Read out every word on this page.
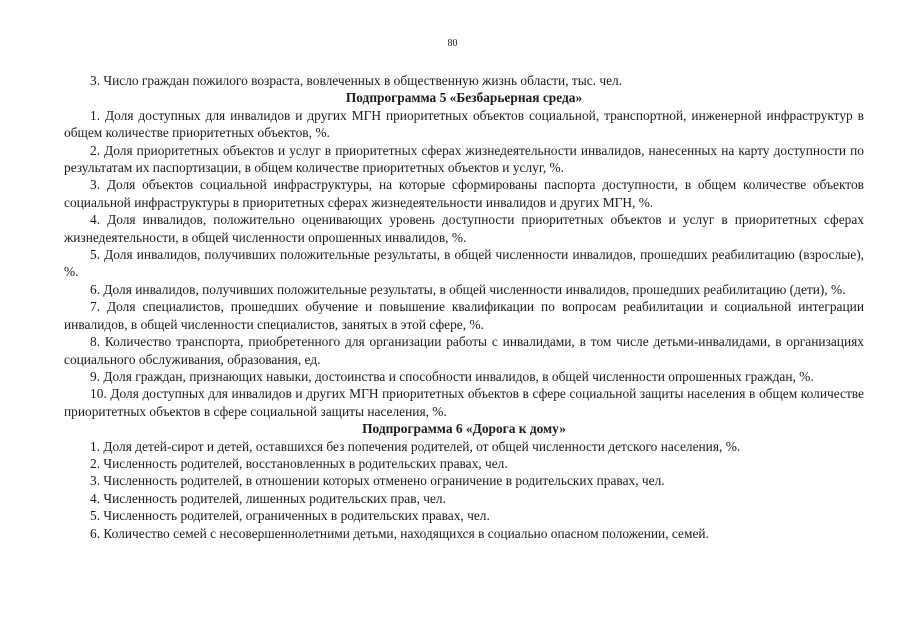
80

3. Число граждан пожилого возраста, вовлеченных в общественную жизнь области, тыс. чел.

Подпрограмма 5 «Безбарьерная среда»

1. Доля доступных для инвалидов и других МГН приоритетных объектов социальной, транспортной, инженерной инфраструктур в общем количестве приоритетных объектов, %.

2. Доля приоритетных объектов и услуг в приоритетных сферах жизнедеятельности инвалидов, нанесенных на карту доступности по результатам их паспортизации, в общем количестве приоритетных объектов и услуг, %.

3. Доля объектов социальной инфраструктуры, на которые сформированы паспорта доступности, в общем количестве объектов социальной инфраструктуры в приоритетных сферах жизнедеятельности инвалидов и других МГН, %.

4. Доля инвалидов, положительно оценивающих уровень доступности приоритетных объектов и услуг в приоритетных сферах жизнедеятельности, в общей численности опрошенных инвалидов, %.

5. Доля инвалидов, получивших положительные результаты, в общей численности инвалидов, прошедших реабилитацию (взрослые), %.

6. Доля инвалидов, получивших положительные результаты, в общей численности инвалидов, прошедших реабилитацию (дети), %.

7. Доля специалистов, прошедших обучение и повышение квалификации по вопросам реабилитации и социальной интеграции инвалидов, в общей численности специалистов, занятых в этой сфере, %.

8. Количество транспорта, приобретенного для организации работы с инвалидами, в том числе детьми-инвалидами, в организациях социального обслуживания, образования, ед.

9. Доля граждан, признающих навыки, достоинства и способности инвалидов, в общей численности опрошенных граждан, %.

10. Доля доступных для инвалидов и других МГН приоритетных объектов в сфере социальной защиты населения в общем количестве приоритетных объектов в сфере социальной защиты населения, %.

Подпрограмма 6 «Дорога к дому»

1. Доля детей-сирот и детей, оставшихся без попечения родителей, от общей численности детского населения, %.

2. Численность родителей, восстановленных в родительских правах, чел.

3. Численность родителей, в отношении которых отменено ограничение в родительских правах, чел.

4. Численность родителей, лишенных родительских прав, чел.

5. Численность родителей, ограниченных в родительских правах, чел.

6. Количество семей с несовершеннолетними детьми, находящихся в социально опасном положении, семей.
